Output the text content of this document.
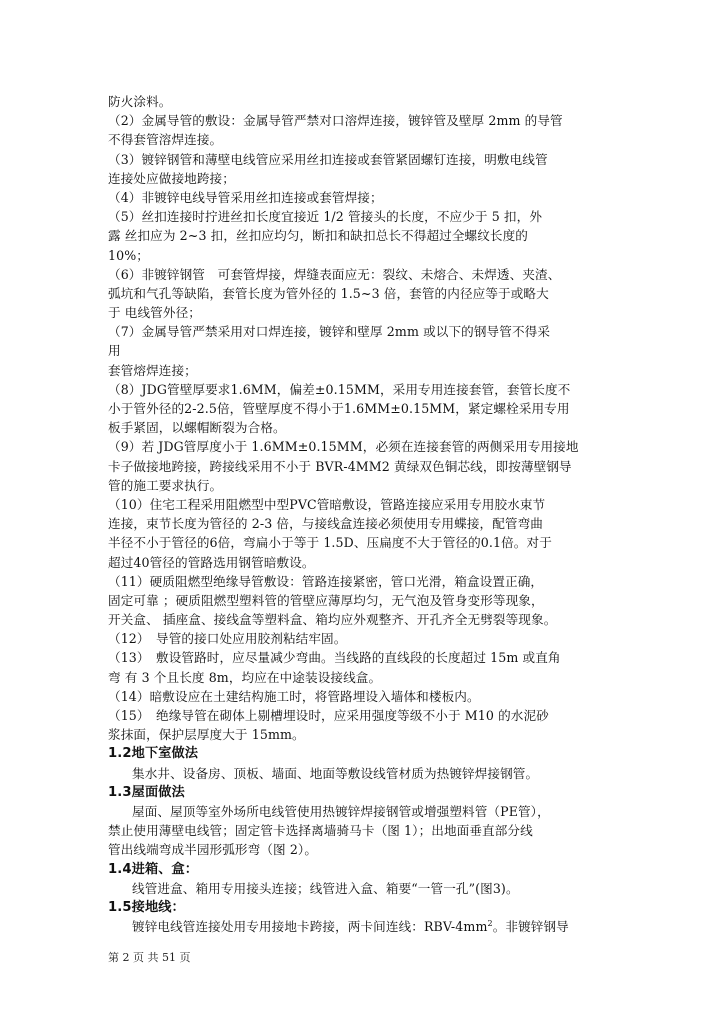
防火涂料。
（2）金属导管的敷设：金属导管严禁对口溶焊连接，镀锌管及壁厚 2mm 的导管
不得套管溶焊连接。
（3）镀锌钢管和薄壁电线管应采用丝扣连接或套管紧固螺钉连接，明敷电线管
连接处应做接地跨接；
（4）非镀锌电线导管采用丝扣连接或套管焊接；
（5）丝扣连接时拧进丝扣长度宜接近 1/2 管接头的长度，不应少于 5 扣，外
露 丝扣应为 2~3 扣，丝扣应均匀，断扣和缺扣总长不得超过全螺纹长度的
10%；
（6）非镀锌钢管　可套管焊接，焊缝表面应无：裂纹、未熔合、未焊透、夹渣、
弧坑和气孔等缺陷，套管长度为管外径的 1.5~3 倍，套管的内径应等于或略大
于 电线管外径；
（7）金属导管严禁采用对口焊连接，镀锌和壁厚 2mm 或以下的钢导管不得采
用
套管熔焊连接；
（8）JDG管壁厚要求1.6MM，偏差±0.15MM，采用专用连接套管，套管长度不
小于管外径的2-2.5倍，管壁厚度不得小于1.6MM±0.15MM，紧定螺栓采用专用
板手紧固，以螺帽断裂为合格。
（9）若 JDG管厚度小于 1.6MM±0.15MM，必须在连接套管的两侧采用专用接地
卡子做接地跨接，跨接线采用不小于 BVR-4MM2 黄绿双色铜芯线，即按薄壁钢导
管的施工要求执行。
（10）住宅工程采用阻燃型中型PVC管暗敷设，管路连接应采用专用胶水束节
连接，束节长度为管径的 2-3 倍，与接线盒连接必须使用专用蝶接，配管弯曲
半径不小于管径的6倍，弯扁小于等于 1.5D、压扁度不大于管径的0.1倍。对于
超过40管径的管路选用钢管暗敷设。
（11）硬质阻燃型绝缘导管敷设：管路连接紧密，管口光滑，箱盒设置正确，
固定可靠 ；硬质阻燃型塑料管的管壁应薄厚均匀，无气泡及管身变形等现象，
开关盒、 插座盒、接线盒等塑料盒、箱均应外观整齐、开孔齐全无劈裂等现象。
（12）　导管的接口处应用胶剂粘结牢固。
（13）　敷设管路时，应尽量减少弯曲。当线路的直线段的长度超过 15m 或直角
弯 有 3 个且长度 8m，均应在中途装设接线盒。
（14）暗敷设应在土建结构施工时，将管路埋设入墙体和楼板内。
（15）　绝缘导管在砌体上剔槽埋设时，应采用强度等级不小于 M10 的水泥砂
浆抹面，保护层厚度大于 15mm。
1.2地下室做法
集水井、设备房、顶板、墙面、地面等敷设线管材质为热镀锌焊接钢管。
1.3屋面做法
屋面、屋顶等室外场所电线管使用热镀锌焊接钢管或增强塑料管（PE管），
禁止使用薄壁电线管；固定管卡选择离墙骑马卡（图 1）；出地面垂直部分线
管出线端弯成半园形弧形弯（图 2）。
1.4进箱、盒：
线管进盒、箱用专用接头连接；线管进入盒、箱要“一管一孔”(图3)。
1.5接地线：
镀锌电线管连接处用专用接地卡跨接，两卡间连线：RBV-$4mm^2$。非镀锌钢导
第 2 页 共 51 页
